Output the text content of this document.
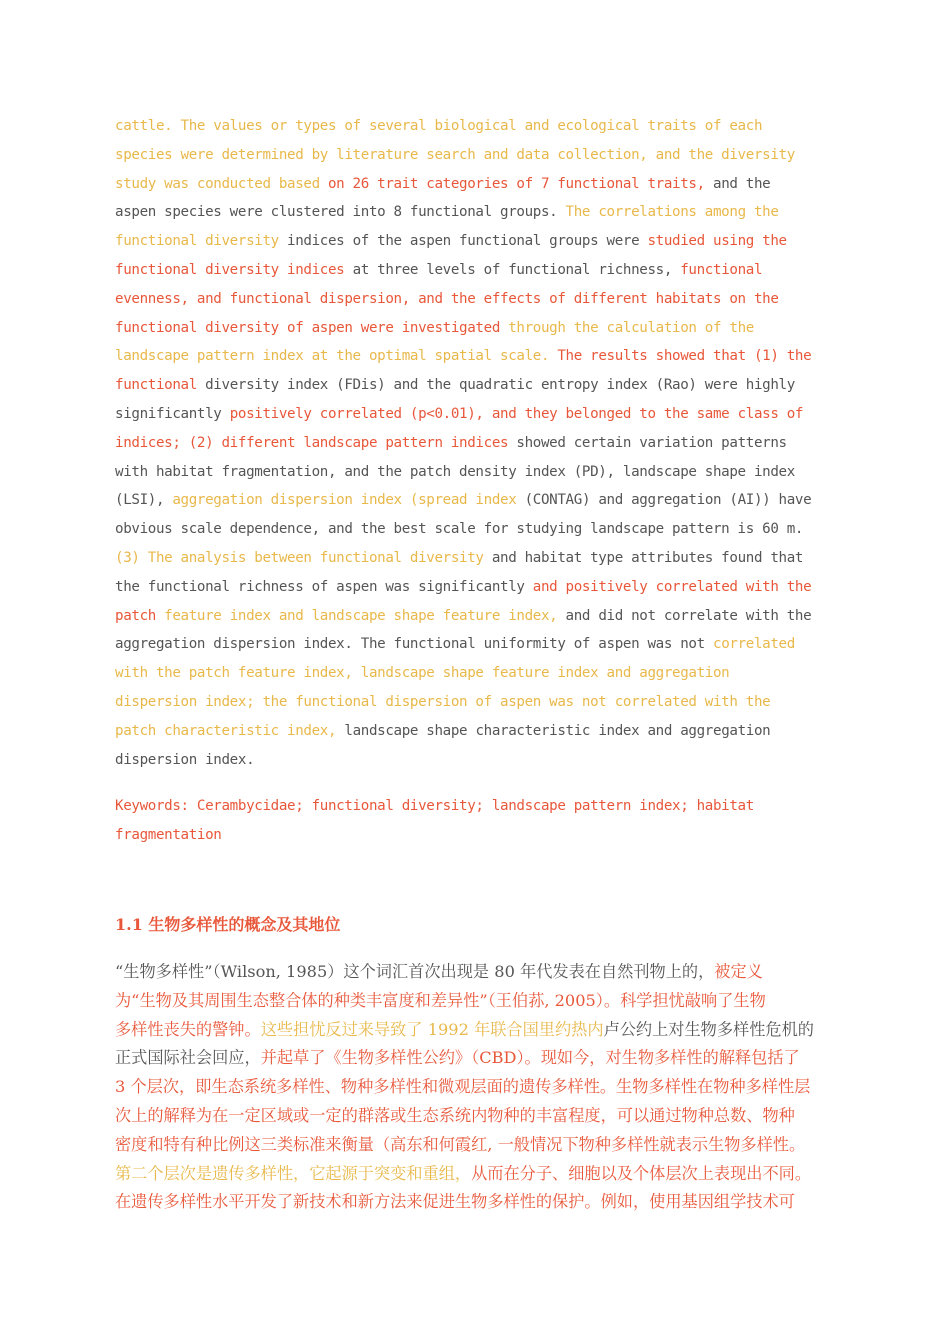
cattle. The values or types of several biological and ecological traits of each
species were determined by literature search and data collection, and the diversity
study was conducted based on 26 trait categories of 7 functional traits, and the
aspen species were clustered into 8 functional groups. The correlations among the
functional diversity indices of the aspen functional groups were studied using the
functional diversity indices at three levels of functional richness, functional
evenness, and functional dispersion, and the effects of different habitats on the
functional diversity of aspen were investigated through the calculation of the
landscape pattern index at the optimal spatial scale. The results showed that (1) the
functional diversity index (FDis) and the quadratic entropy index (Rao) were highly
significantly positively correlated (p<0.01), and they belonged to the same class of
indices; (2) different landscape pattern indices showed certain variation patterns
with habitat fragmentation, and the patch density index (PD), landscape shape index
(LSI), aggregation dispersion index (spread index (CONTAG) and aggregation (AI)) have
obvious scale dependence, and the best scale for studying landscape pattern is 60 m.
(3) The analysis between functional diversity and habitat type attributes found that
the functional richness of aspen was significantly and positively correlated with the
patch feature index and landscape shape feature index, and did not correlate with the
aggregation dispersion index. The functional uniformity of aspen was not correlated
with the patch feature index, landscape shape feature index and aggregation
dispersion index; the functional dispersion of aspen was not correlated with the
patch characteristic index, landscape shape characteristic index and aggregation
dispersion index.
Keywords: Cerambycidae; functional diversity; landscape pattern index; habitat
fragmentation
1.1 生物多样性的概念及其地位
“生物多样性”（Wilson, 1985）这个词汇首次出现是 80 年代发表在自然刊物上的，被定义
为“生物及其周围生态整合体的种类丰富度和差异性”（王伯荪, 2005）。科学担忧敲响了生物
多样性丧失的警钟。这些担忧反过来导致了 1992 年联合国里约热内卢公约上对生物多样性危机的
正式国际社会回应，并起草了《生物多样性公约》（CBD）。现如今，对生物多样性的解释包括了
3 个层次，即生态系统多样性、物种多样性和微观层面的遗传多样性。生物多样性在物种多样性层
次上的解释为在一定区域或一定的群落或生态系统内物种的丰富程度，可以通过物种总数、物种
密度和特有种比例这三类标准来衡量（高东和何霞红, 一般情况下物种多样性就表示生物多样性。
第二个层次是遗传多样性，它起源于突变和重组，从而在分子、细胞以及个体层次上表现出不同。
在遗传多样性水平开发了新技术和新方法来促进生物多样性的保护。例如，使用基因组学技术可
